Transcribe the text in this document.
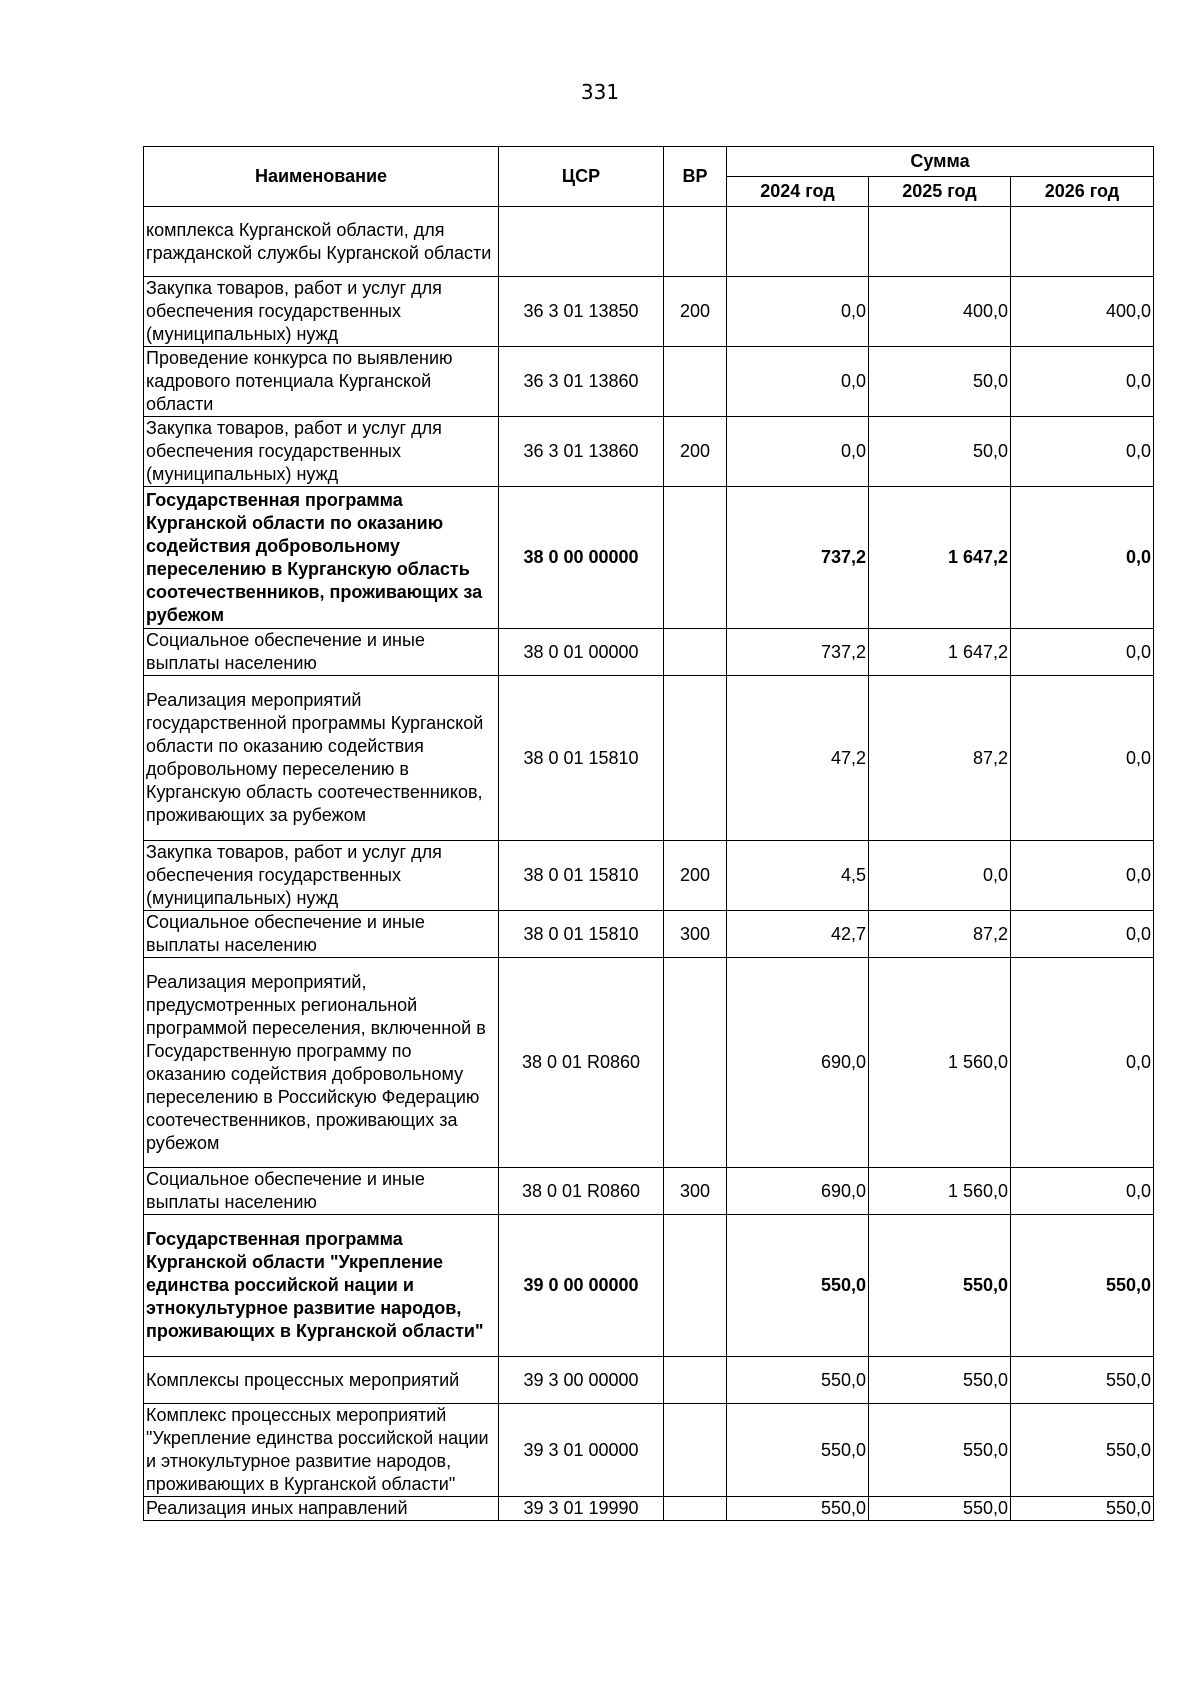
331
Наименование	ЦСР	ВР	Сумма		
			2024 год	2025 год	2026 год
комплекса Курганской области, для гражданской службы Курганской области					
Закупка товаров, работ и услуг для обеспечения государственных (муниципальных) нужд	36 3 01 13850	200	0,0	400,0	400,0
Проведение конкурса по выявлению кадрового потенциала Курганской области	36 3 01 13860		0,0	50,0	0,0
Закупка товаров, работ и услуг для обеспечения государственных (муниципальных) нужд	36 3 01 13860	200	0,0	50,0	0,0
Государственная программа Курганской области по оказанию содействия добровольному переселению в Курганскую область соотечественников, проживающих за рубежом	38 0 00 00000		737,2	1 647,2	0,0
Социальное обеспечение и иные выплаты населению	38 0 01 00000		737,2	1 647,2	0,0
Реализация мероприятий государственной программы Курганской области по оказанию содействия добровольному переселению в Курганскую область соотечественников, проживающих за рубежом	38 0 01 15810		47,2	87,2	0,0
Закупка товаров, работ и услуг для обеспечения государственных (муниципальных) нужд	38 0 01 15810	200	4,5	0,0	0,0
Социальное обеспечение и иные выплаты населению	38 0 01 15810	300	42,7	87,2	0,0
Реализация мероприятий, предусмотренных региональной программой переселения, включенной в Государственную программу по оказанию содействия добровольному переселению в Российскую Федерацию соотечественников, проживающих за рубежом	38 0 01 R0860		690,0	1 560,0	0,0
Социальное обеспечение и иные выплаты населению	38 0 01 R0860	300	690,0	1 560,0	0,0
Государственная программа Курганской области "Укрепление единства российской нации и этнокультурное развитие народов, проживающих в Курганской области"	39 0 00 00000		550,0	550,0	550,0
Комплексы процессных мероприятий	39 3 00 00000		550,0	550,0	550,0
Комплекс процессных мероприятий "Укрепление единства российской нации и этнокультурное развитие народов, проживающих в Курганской области"	39 3 01 00000		550,0	550,0	550,0
Реализация иных направлений	39 3 01 19990		550,0	550,0	550,0
